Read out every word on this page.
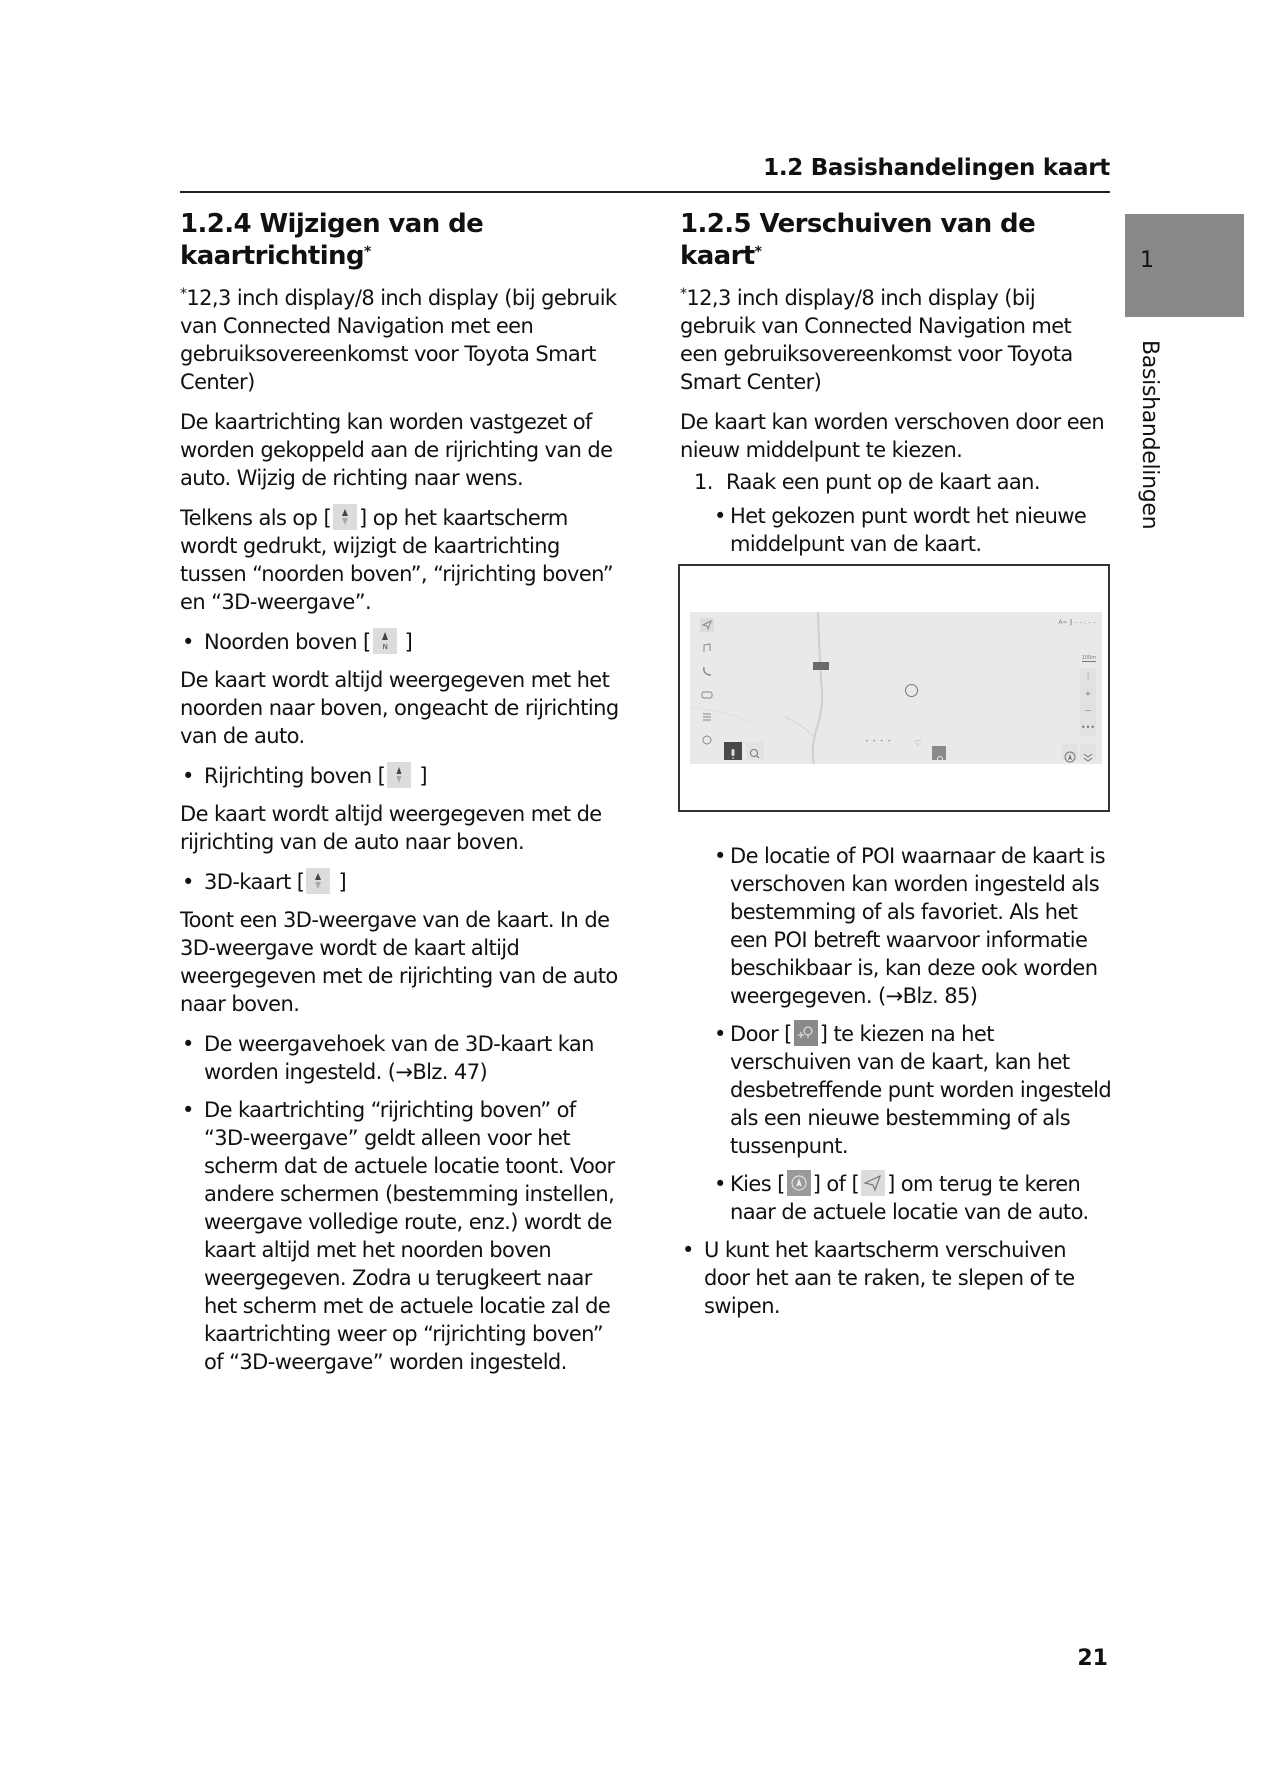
1.2 Basishandelingen kaart
1.2.4 Wijzigen van de
kaartrichting*

*12,3 inch display/8 inch display (bij gebruik van Connected Navigation met een gebruiksovereenkomst voor Toyota Smart Center)

De kaartrichting kan worden vastgezet of worden gekoppeld aan de rijrichting van de auto. Wijzig de richting naar wens.

Telkens als op [ ] op het kaartscherm wordt gedrukt, wijzigt de kaartrichting tussen “noorden boven”, “rijrichting boven” en “3D-weergave”.

• Noorden boven [ N ]

De kaart wordt altijd weergegeven met het noorden naar boven, ongeacht de rijrichting van de auto.

• Rijrichting boven [
]

De kaart wordt altijd weergegeven met de rijrichting van de auto naar boven.

• 3D-kaart [
]

Toont een 3D-weergave van de kaart. In de 3D-weergave wordt de kaart altijd weergegeven met de rijrichting van de auto naar boven.

• De weergavehoek van de 3D-kaart kan worden ingesteld. (→Blz. 47)
• De kaartrichting “rijrichting boven” of “3D-weergave” geldt alleen voor het scherm dat de actuele locatie toont. Voor andere schermen (bestemming instellen, weergave volledige route, enz.) wordt de kaart altijd met het noorden boven weergegeven. Zodra u terugkeert naar het scherm met de actuele locatie zal de kaartrichting weer op “rijrichting boven” of “3D-weergave” worden ingesteld.
1.2.5 Verschuiven van de kaart*

*12,3 inch display/8 inch display (bij gebruik van Connected Navigation met een gebruiksovereenkomst voor Toyota Smart Center)

De kaart kan worden verschoven door een nieuw middelpunt te kiezen.

1. Raak een punt op de kaart aan.
• Het gekozen punt wordt het nieuwe middelpunt van de kaart.
A= ‖ – – : – –
100m
ᛙ
+
−
•••
• • • •	♡
• De locatie of POI waarnaar de kaart is verschoven kan worden ingesteld als bestemming of als favoriet. Als het een POI betreft waarvoor informatie beschikbaar is, kan deze ook worden weergegeven. (→Blz. 85)
• Door [ ] te kiezen na het verschuiven van de kaart, kan het desbetreffende punt worden ingesteld als een nieuwe bestemming of als tussenpunt.
• Kies [ ] of [ ] om terug te keren naar de actuele locatie van de auto.
• U kunt het kaartscherm verschuiven door het aan te raken, te slepen of te swipen.
1
Basishandelingen
21
